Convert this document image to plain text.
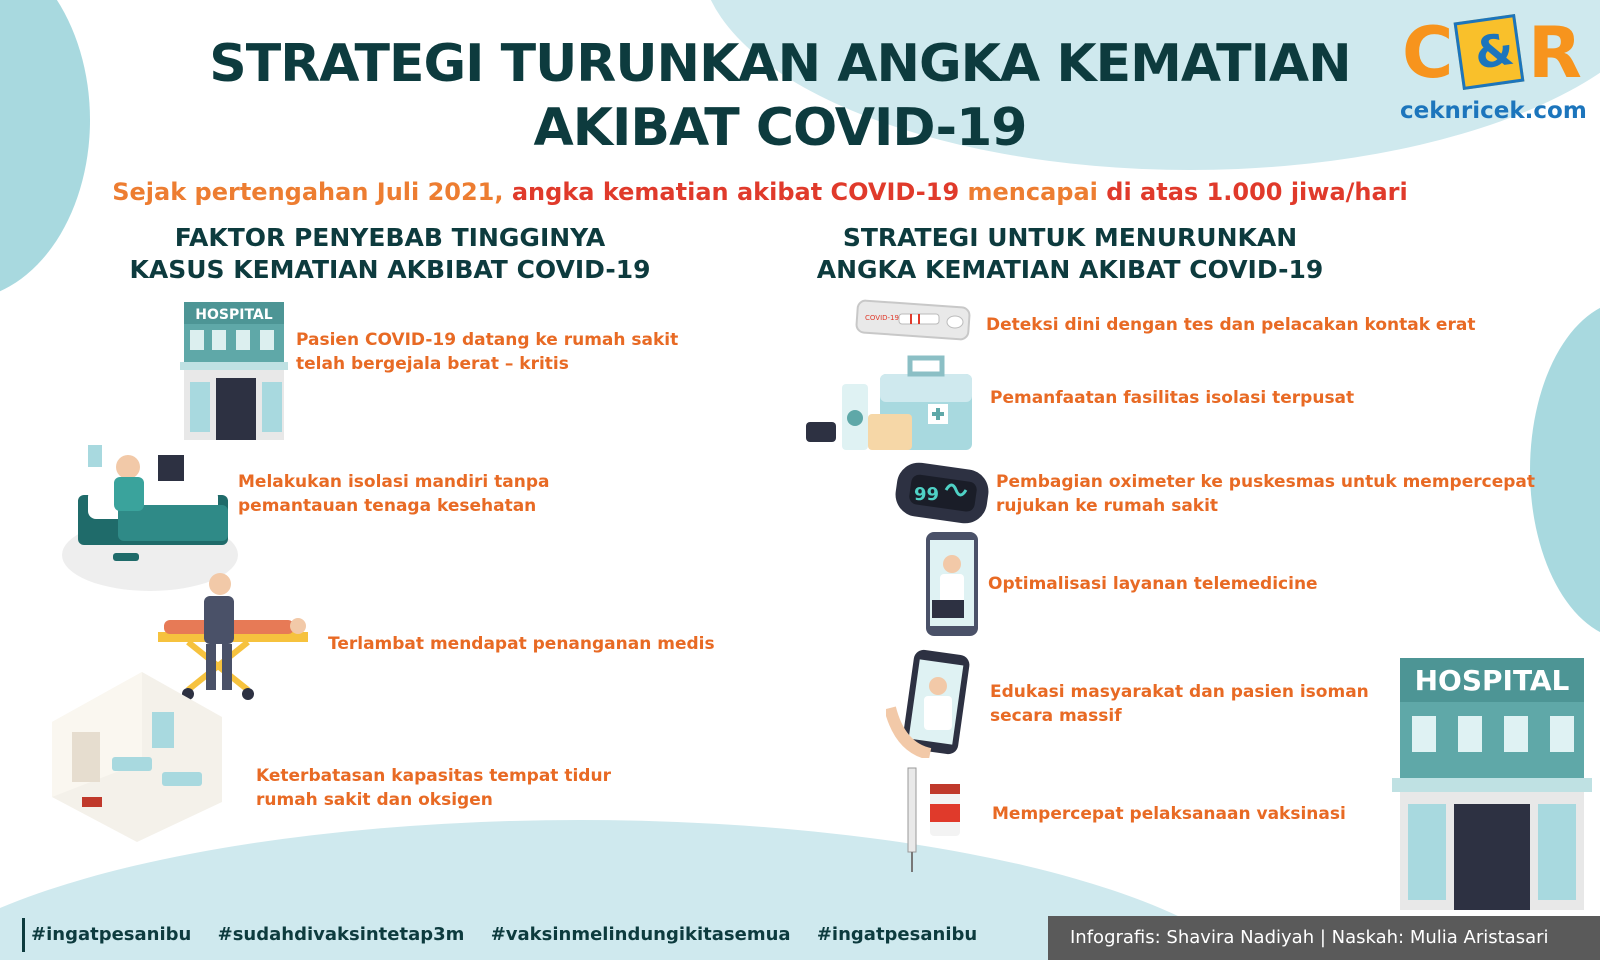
C & R
ceknricek.com
STRATEGI TURUNKAN ANGKA KEMATIAN
AKIBAT COVID-19
Sejak pertengahan Juli 2021, angka kematian akibat COVID-19 mencapai di atas 1.000 jiwa/hari
FAKTOR PENYEBAB TINGGINYA
KASUS KEMATIAN AKBIBAT COVID-19
STRATEGI UNTUK MENURUNKAN
ANGKA KEMATIAN AKIBAT COVID-19
HOSPITAL
Pasien COVID-19 datang ke rumah sakit
telah bergejala berat – kritis
Melakukan isolasi mandiri tanpa
pemantauan tenaga kesehatan
Terlambat mendapat penanganan medis
Keterbatasan kapasitas tempat tidur
rumah sakit dan oksigen
COVID-19
99
HOSPITAL
Deteksi dini dengan tes dan pelacakan kontak erat
Pemanfaatan fasilitas isolasi terpusat
Pembagian oximeter ke puskesmas untuk mempercepat
rujukan ke rumah sakit
Optimalisasi layanan telemedicine
Edukasi masyarakat dan pasien isoman
secara massif
Mempercepat pelaksanaan vaksinasi
#ingatpesanibu #sudahdivaksintetap3m #vaksinmelindungikitasemua #ingatpesanibu	Infografis: Shavira Nadiyah | Naskah: Mulia Aristasari
